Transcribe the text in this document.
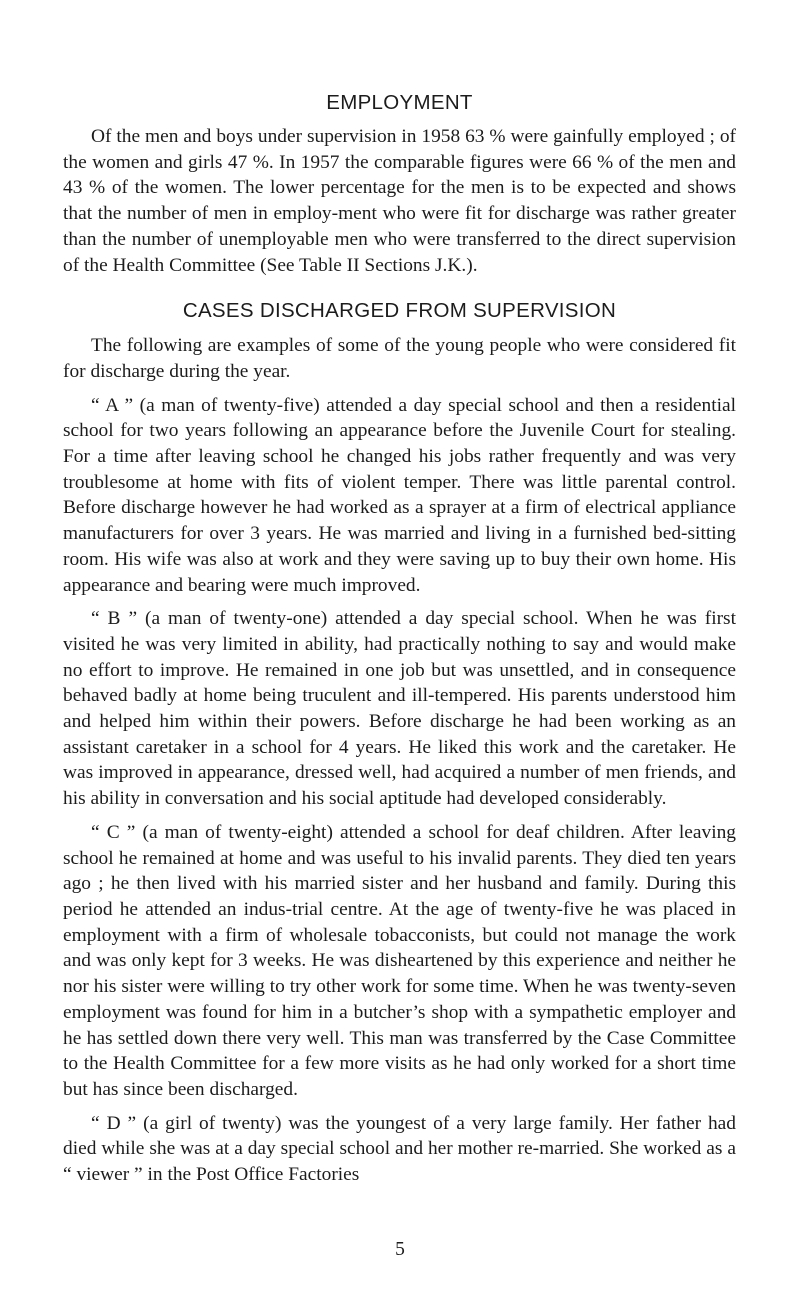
EMPLOYMENT

Of the men and boys under supervision in 1958 63 % were gainfully employed ; of the women and girls 47 %. In 1957 the comparable figures were 66 % of the men and 43 % of the women. The lower percentage for the men is to be expected and shows that the number of men in employ-ment who were fit for discharge was rather greater than the number of unemployable men who were transferred to the direct supervision of the Health Committee (See Table II Sections J.K.).

CASES DISCHARGED FROM SUPERVISION

The following are examples of some of the young people who were considered fit for discharge during the year.

“ A ” (a man of twenty-five) attended a day special school and then a residential school for two years following an appearance before the Juvenile Court for stealing. For a time after leaving school he changed his jobs rather frequently and was very troublesome at home with fits of violent temper. There was little parental control. Before discharge however he had worked as a sprayer at a firm of electrical appliance manufacturers for over 3 years. He was married and living in a furnished bed-sitting room. His wife was also at work and they were saving up to buy their own home. His appearance and bearing were much improved.

“ B ” (a man of twenty-one) attended a day special school. When he was first visited he was very limited in ability, had practically nothing to say and would make no effort to improve. He remained in one job but was unsettled, and in consequence behaved badly at home being truculent and ill-tempered. His parents understood him and helped him within their powers. Before discharge he had been working as an assistant caretaker in a school for 4 years. He liked this work and the caretaker. He was improved in appearance, dressed well, had acquired a number of men friends, and his ability in conversation and his social aptitude had developed considerably.

“ C ” (a man of twenty-eight) attended a school for deaf children. After leaving school he remained at home and was useful to his invalid parents. They died ten years ago ; he then lived with his married sister and her husband and family. During this period he attended an indus-trial centre. At the age of twenty-five he was placed in employment with a firm of wholesale tobacconists, but could not manage the work and was only kept for 3 weeks. He was disheartened by this experience and neither he nor his sister were willing to try other work for some time. When he was twenty-seven employment was found for him in a butcher’s shop with a sympathetic employer and he has settled down there very well. This man was transferred by the Case Committee to the Health Committee for a few more visits as he had only worked for a short time but has since been discharged.

“ D ” (a girl of twenty) was the youngest of a very large family. Her father had died while she was at a day special school and her mother re-married. She worked as a “ viewer ” in the Post Office Factories

5
